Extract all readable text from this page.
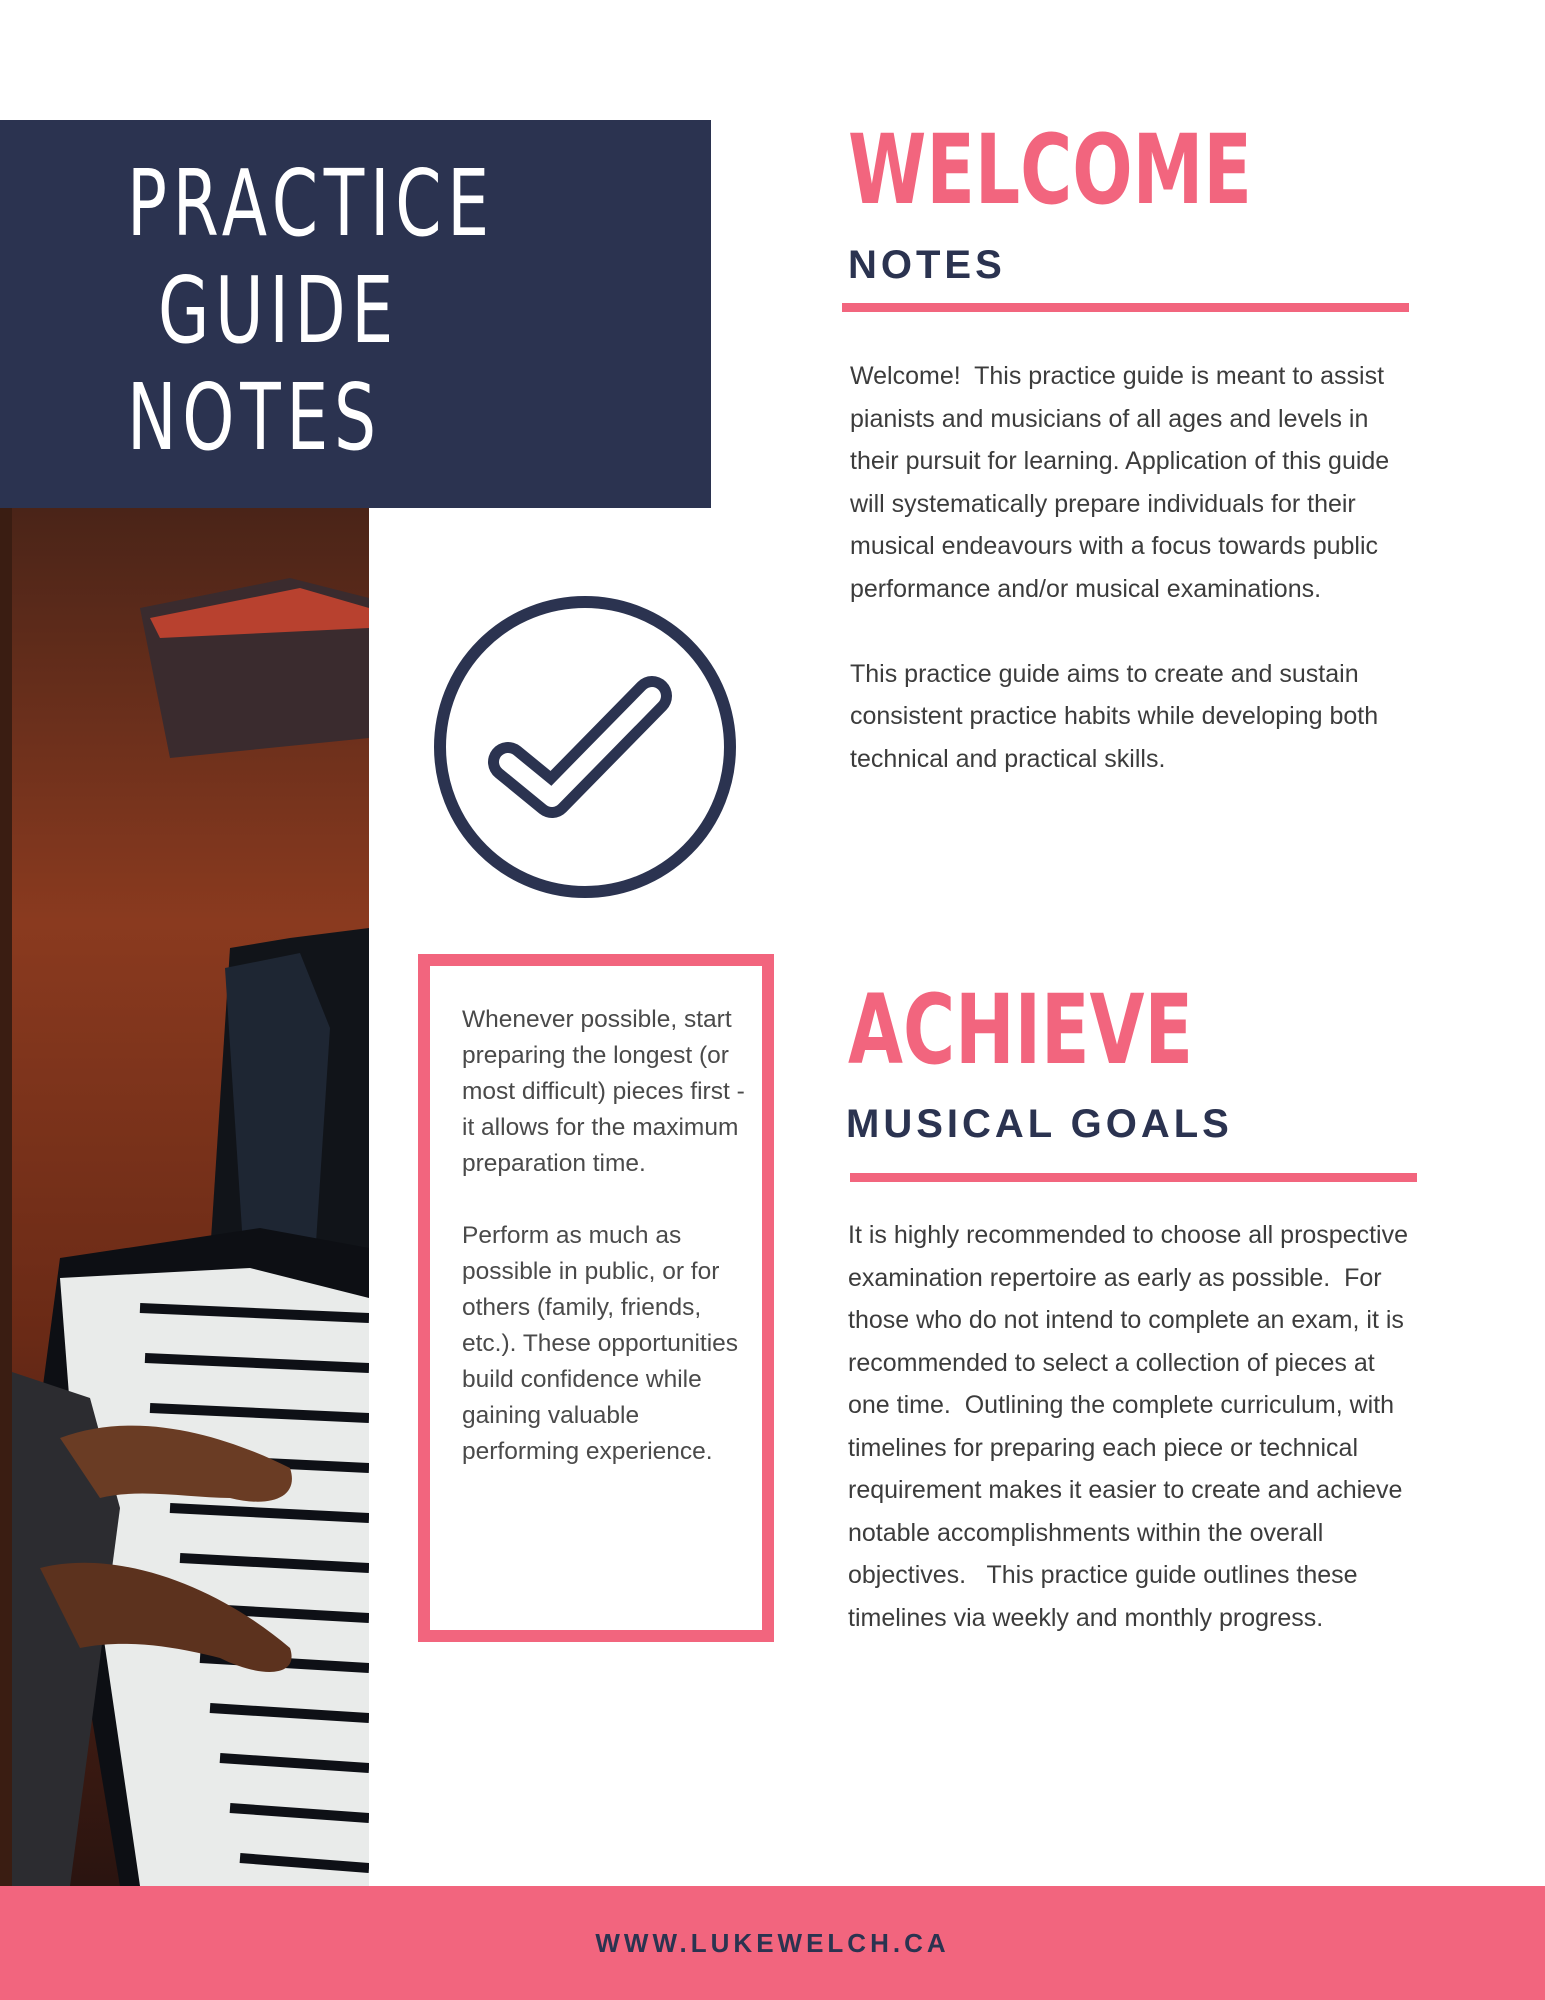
PRACTICE
GUIDE
NOTES

Whenever possible, start preparing the longest (or most difficult) pieces first - it allows for the maximum preparation time.

Perform as much as possible in public, or for others (family, friends, etc.). These opportunities build confidence while gaining valuable performing experience.

WELCOME
NOTES

Welcome!  This practice guide is meant to assist pianists and musicians of all ages and levels in their pursuit for learning. Application of this guide will systematically prepare individuals for their musical endeavours with a focus towards public performance and/or musical examinations.

This practice guide aims to create and sustain consistent practice habits while developing both technical and practical skills.

ACHIEVE
MUSICAL GOALS

It is highly recommended to choose all prospective examination repertoire as early as possible.  For those who do not intend to complete an exam, it is recommended to select a collection of pieces at one time.  Outlining the complete curriculum, with timelines for preparing each piece or technical requirement makes it easier to create and achieve notable accomplishments within the overall objectives.   This practice guide outlines these timelines via weekly and monthly progress.

WWW.LUKEWELCH.CA
